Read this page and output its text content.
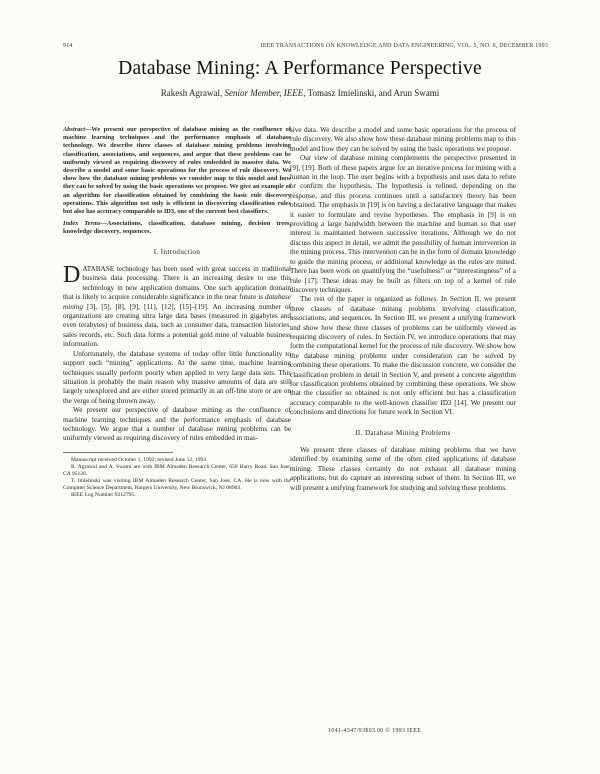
914	IEEE TRANSACTIONS ON KNOWLEDGE AND DATA ENGINEERING, VOL. 5, NO. 6, DECEMBER 1993
Database Mining: A Performance Perspective
Rakesh Agrawal, Senior Member, IEEE, Tomasz Imielinski, and Arun Swami
Abstract—We present our perspective of database mining as the confluence of machine learning techniques and the performance emphasis of database technology. We describe three classes of database mining problems involving classification, associations, and sequences, and argue that these problems can be uniformly viewed as requiring discovery of rules embedded in massive data. We describe a model and some basic operations for the process of rule discovery. We show how the database mining problems we consider map to this model and how they can be solved by using the basic operations we propose. We give an example of an algorithm for classification obtained by combining the basic rule discovery operations. This algorithm not only is efficient in discovering classification rules but also has accuracy comparable to ID3, one of the current best classifiers.
Index Terms—Associations, classification, database mining, decision trees, knowledge discovery, sequences.
I. Introduction

DATABASE technology has been used with great success in traditional business data processing. There is an increasing desire to use this technology in new application domains. One such application domain that is likely to acquire considerable significance in the near future is database mining [3], [5], [8], [9], [11], [12], [15]–[19]. An increasing number of organizations are creating ultra large data bases (measured in gigabytes and even terabytes) of business data, such as consumer data, transaction histories, sales records, etc. Such data forms a potential gold mine of valuable business information.

Unfortunately, the database systems of today offer little functionality to support such “mining” applications. At the same time, machine learning techniques usually perform poorly when applied to very large data sets. This situation is probably the main reason why massive amounts of data are still largely unexplored and are either stored primarily in an off-line store or are on the verge of being thrown away.

We present our perspective of database mining as the confluence of machine learning techniques and the performance emphasis of database technology. We argue that a number of database mining problems can be uniformly viewed as requiring discovery of rules embedded in mas-

Manuscript received October 1, 1992; revised June 12, 1993.
R. Agrawal and A. Swami are with IBM Almaden Research Center, 650 Harry Road, San Jose, CA 95120.
T. Imielinski was visiting IBM Almaden Research Center, San Jose, CA. He is now with the Computer Science Department, Rutgers University, New Brunswick, NJ 08903.
IEEE Log Number 9212795.

sive data. We describe a model and some basic operations for the process of rule discovery. We also show how these database mining problems map to this model and how they can be solved by using the basic operations we propose.

Our view of database mining complements the perspective presented in [9], [19]. Both of these papers argue for an iterative process for mining with a human in the loop. The user begins with a hypothesis and uses data to refute or confirm the hypothesis. The hypothesis is refined, depending on the response, and this process continues until a satisfactory theory has been obtained. The emphasis in [19] is on having a declarative language that makes it easier to formulate and revise hypotheses. The emphasis in [9] is on providing a large bandwidth between the machine and human so that user interest is maintained between successive iterations. Although we do not discuss this aspect in detail, we admit the possibility of human intervention in the mining process. This intervention can be in the form of domain knowledge to guide the mining process, or additional knowledge as the rules are mined. There has been work on quantifying the “usefulness” or “interestingness” of a rule [17]. These ideas may be built as filters on top of a kernel of rule discovery techniques.

The rest of the paper is organized as follows. In Section II, we present three classes of database mining problems involving classification, associations, and sequences. In Section III, we present a unifying framework and show how these three classes of problems can be uniformly viewed as requiring discovery of rules. In Section IV, we introduce operations that may form the computational kernel for the process of rule discovery. We show how the database mining problems under consideration can be solved by combining these operations. To make the discussion concrete, we consider the classification problem in detail in Section V, and present a concrete algorithm for classification problems obtained by combining these operations. We show that the classifier so obtained is not only efficient but has a classification accuracy comparable to the well-known classifier ID3 [14]. We present our conclusions and directions for future work in Section VI.

II. Database Mining Problems

We present three classes of database mining problems that we have identified by examining some of the often cited applications of database mining. These classes certainly do not exhaust all database mining applications, but do capture an interesting subset of them. In Section III, we will present a unifying framework for studying and solving these problems.

1041-4347/93$03.00 © 1993 IEEE
